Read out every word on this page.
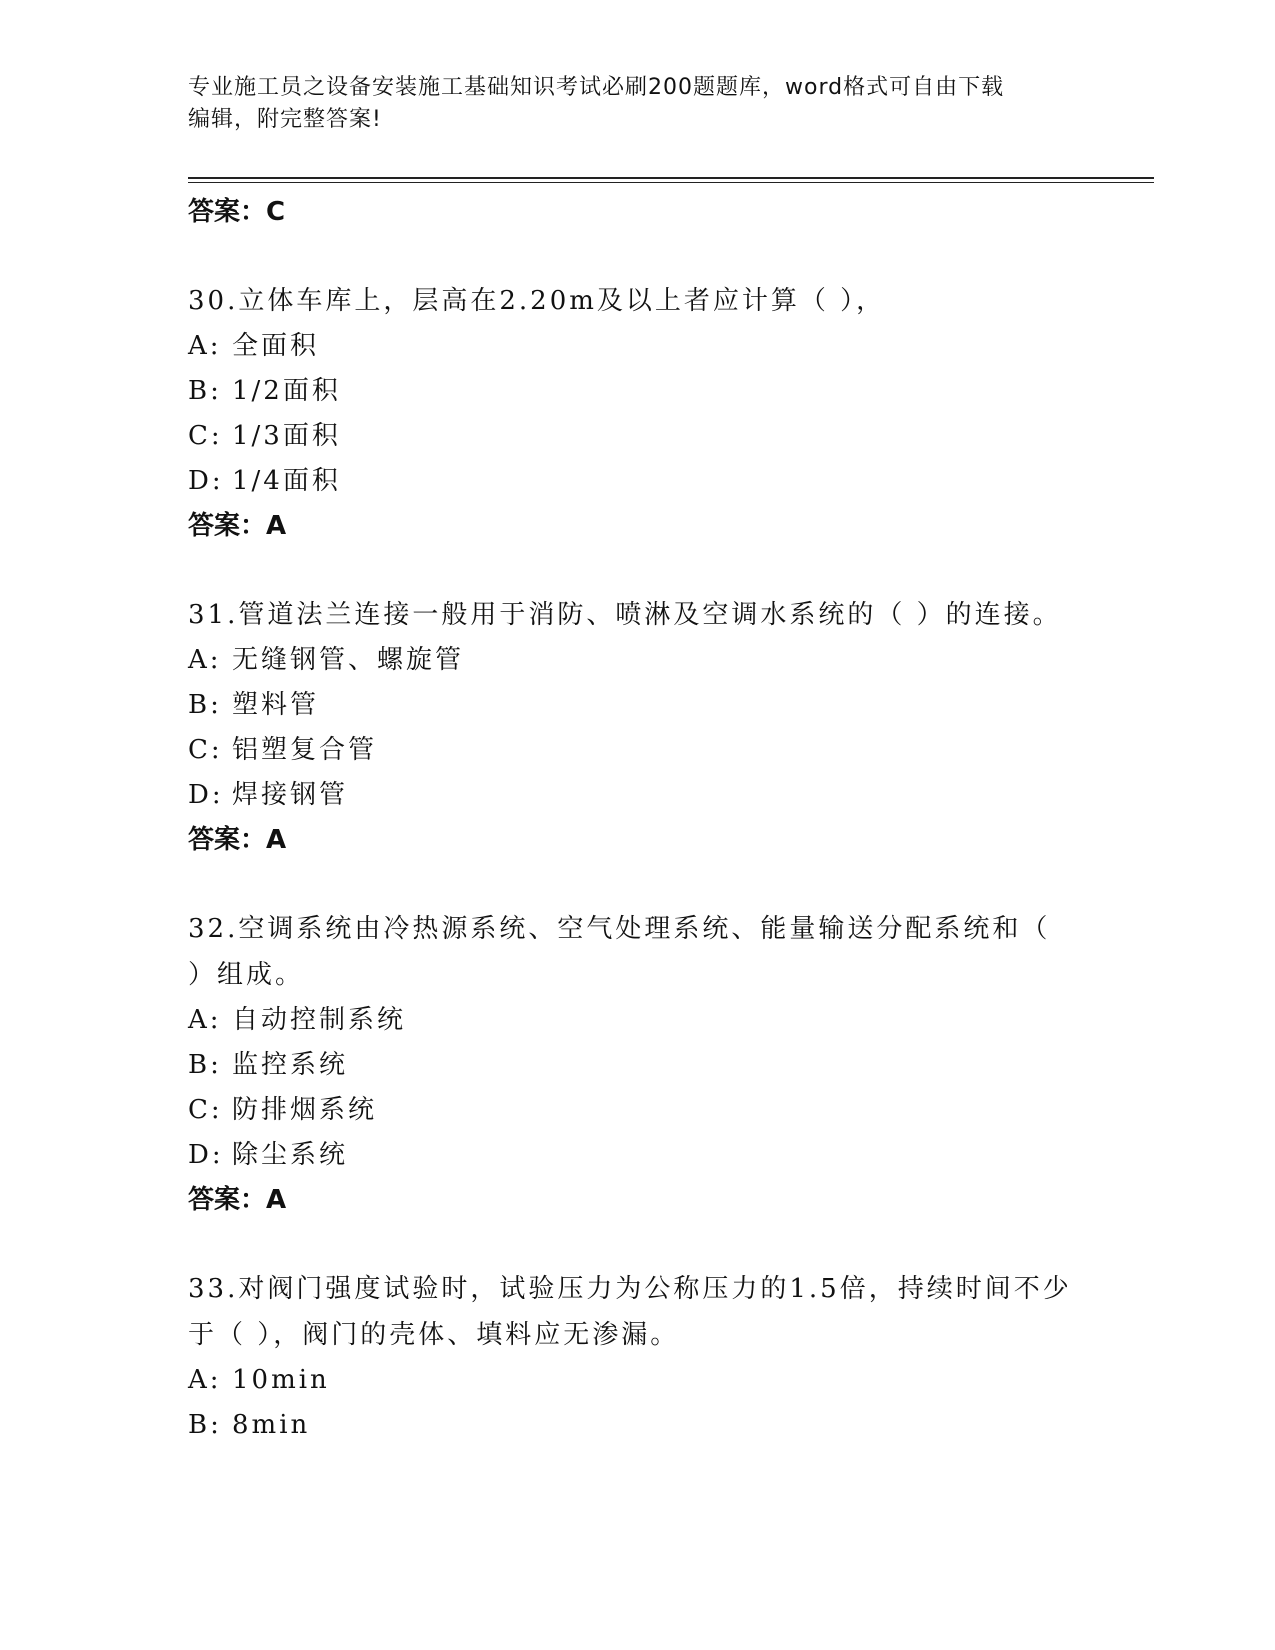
专业施工员之设备安装施工基础知识考试必刷200题题库，word格式可自由下载
编辑，附完整答案!
答案：C
30.立体车库上，层高在2.20m及以上者应计算（ ），
A: 全面积
B: 1/2面积
C: 1/3面积
D: 1/4面积
答案：A
31.管道法兰连接一般用于消防、喷淋及空调水系统的（ ）的连接。
A: 无缝钢管、螺旋管
B: 塑料管
C: 铝塑复合管
D: 焊接钢管
答案：A
32.空调系统由冷热源系统、空气处理系统、能量输送分配系统和（
）组成。
A: 自动控制系统
B: 监控系统
C: 防排烟系统
D: 除尘系统
答案：A
33.对阀门强度试验时，试验压力为公称压力的1.5倍，持续时间不少
于（ ），阀门的壳体、填料应无渗漏。
A: 10min
B: 8min
